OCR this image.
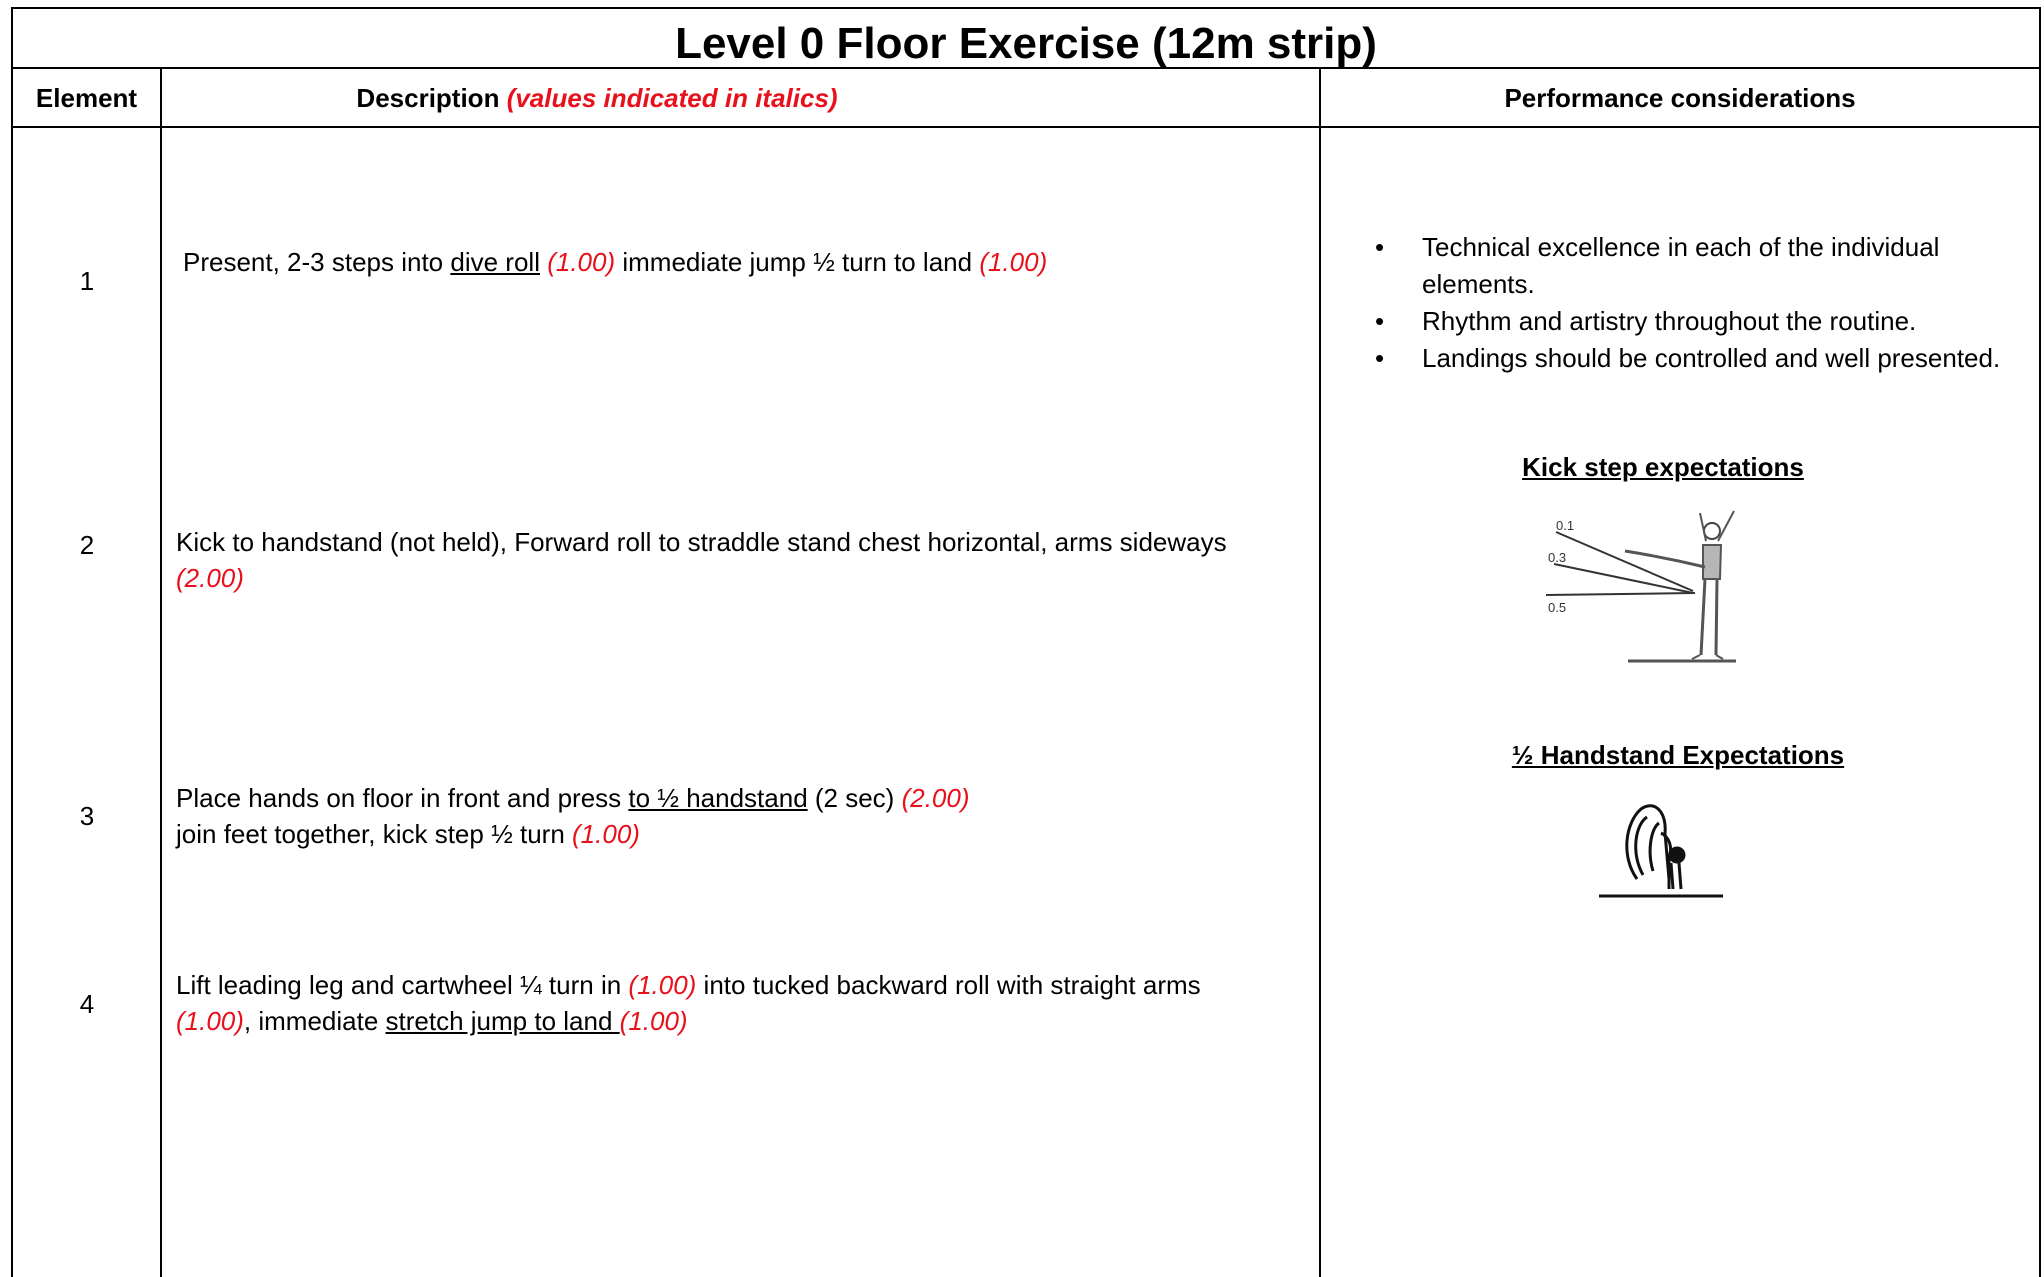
Level 0 Floor Exercise (12m strip)
Element	Description (values indicated in italics)	Performance considerations
1
2
3
4
Present, 2-3 steps into dive roll (1.00) immediate jump ½ turn to land (1.00)
Kick to handstand (not held), Forward roll to straddle stand chest horizontal, arms sideways
(2.00)
Place hands on floor in front and press to ½ handstand (2 sec) (2.00)
join feet together, kick step ½ turn (1.00)
Lift leading leg and cartwheel ¼ turn in (1.00) into tucked backward roll with straight arms
(1.00), immediate stretch jump to land (1.00)
• Technical excellence in each of the individual
elements.
• Rhythm and artistry throughout the routine.
• Landings should be controlled and well presented.
Kick step expectations
0.1
0.3
0.5
½ Handstand Expectations
